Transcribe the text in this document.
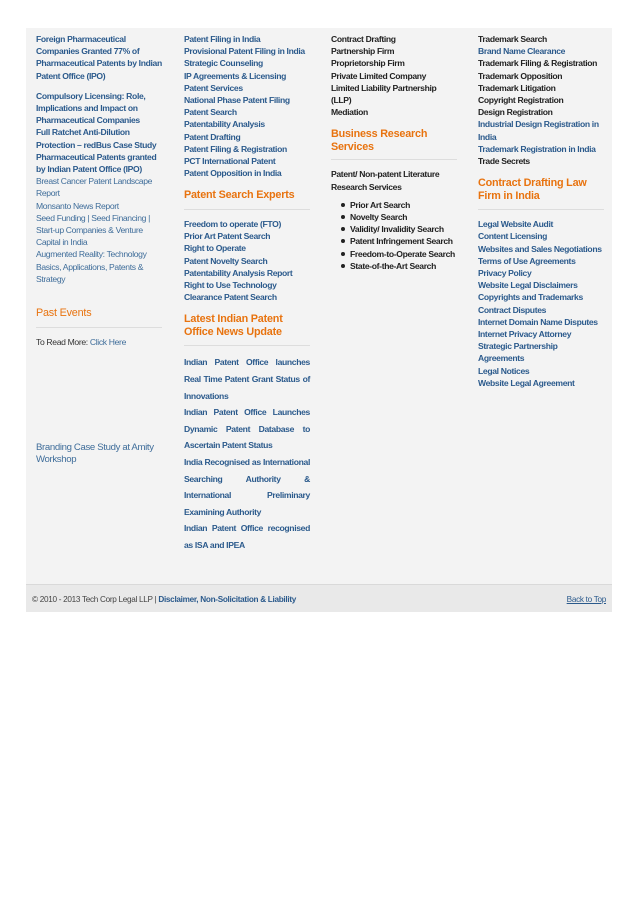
Foreign Pharmaceutical Companies Granted 77% of Pharmaceutical Patents by Indian Patent Office (IPO)
Compulsory Licensing: Role, Implications and Impact on Pharmaceutical Companies
Full Ratchet Anti-Dilution Protection – redBus Case Study
Pharmaceutical Patents granted by Indian Patent Office (IPO)
Breast Cancer Patent Landscape Report
Monsanto News Report
Seed Funding | Seed Financing | Start-up Companies & Venture Capital in India
Augmented Reality: Technology Basics, Applications, Patents & Strategy
Past Events
To Read More: Click Here
Branding Case Study at Amity Workshop
Patent Filing in India
Provisional Patent Filing in India
Strategic Counseling
IP Agreements & Licensing
Patent Services
National Phase Patent Filing
Patent Search
Patentability Analysis
Patent Drafting
Patent Filing & Registration
PCT International Patent
Patent Opposition in India
Patent Search Experts
Freedom to operate (FTO)
Prior Art Patent Search
Right to Operate
Patent Novelty Search
Patentability Analysis Report
Right to Use Technology
Clearance Patent Search
Latest Indian Patent Office News Update
Indian Patent Office launches Real Time Patent Grant Status of Innovations
Indian Patent Office Launches Dynamic Patent Database to Ascertain Patent Status
India Recognised as International Searching Authority & International Preliminary Examining Authority
Indian Patent Office recognised as ISA and IPEA
Contract Drafting
Partnership Firm
Proprietorship Firm
Private Limited Company
Limited Liability Partnership (LLP)
Mediation
Business Research Services
Patent/ Non-patent Literature
Research Services
Prior Art Search
Novelty Search
Validity/ Invalidity Search
Patent Infringement Search
Freedom-to-Operate Search
State-of-the-Art Search
Trademark Search
Brand Name Clearance
Trademark Filing & Registration
Trademark Opposition
Trademark Litigation
Copyright Registration
Design Registration
Industrial Design Registration in India
Trademark Registration in India
Trade Secrets
Contract Drafting Law Firm in India
Legal Website Audit
Content Licensing
Websites and Sales Negotiations
Terms of Use Agreements
Privacy Policy
Website Legal Disclaimers
Copyrights and Trademarks
Contract Disputes
Internet Domain Name Disputes
Internet Privacy Attorney
Strategic Partnership Agreements
Legal Notices
Website Legal Agreement
© 2010 - 2013 Tech Corp Legal LLP | Disclaimer, Non-Solicitation & Liability	Back to Top
